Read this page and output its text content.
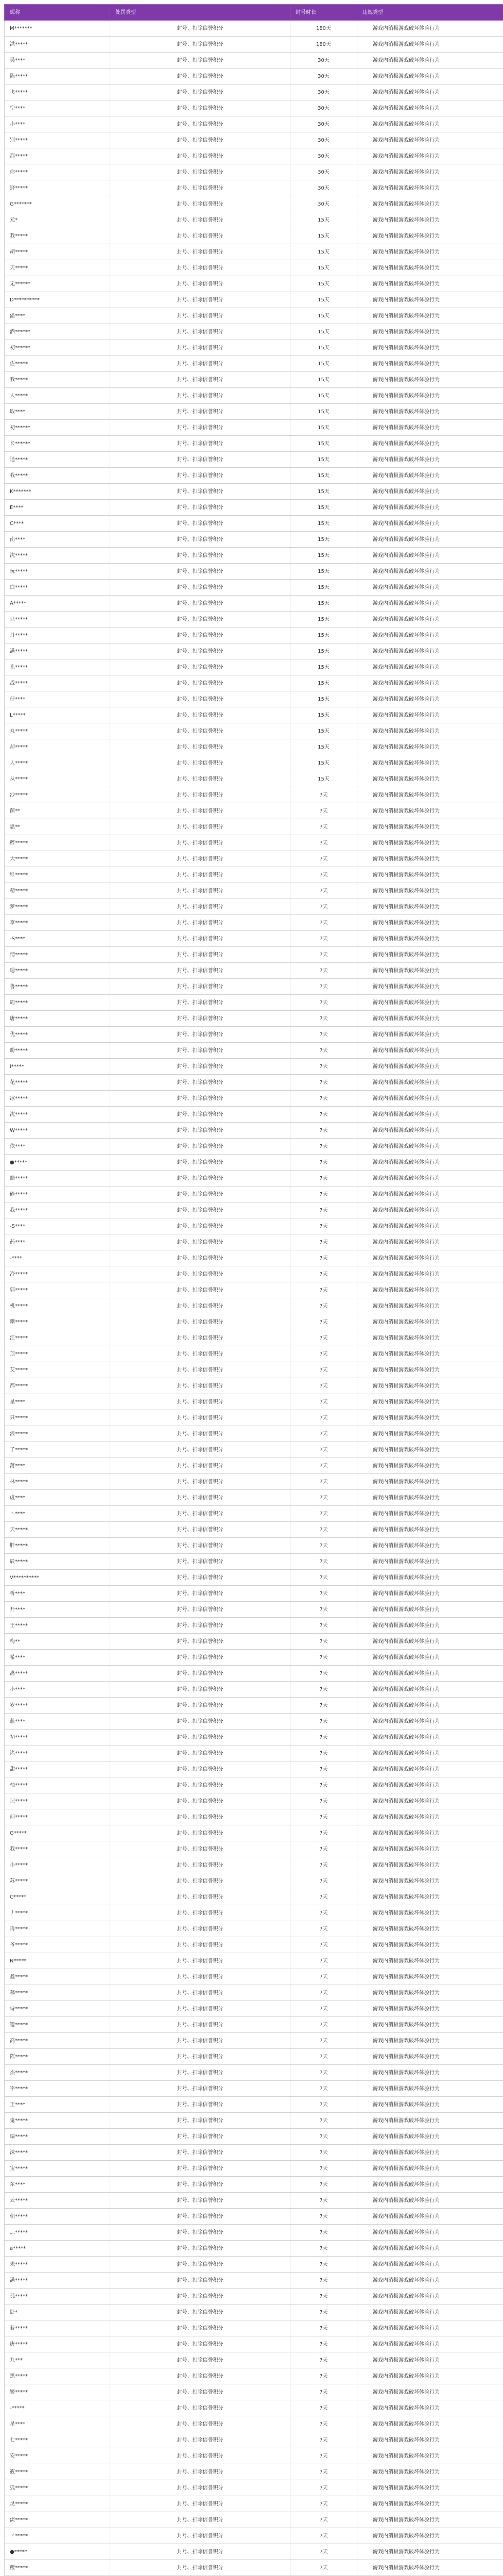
昵称	处罚类型	封号时长	违规类型
M*******	封号、扣除信誉积分	180天	游戏内消极游戏破坏体验行为
洪*****	封号、扣除信誉积分	180天	游戏内消极游戏破坏体验行为
吴****	封号、扣除信誉积分	30天	游戏内消极游戏破坏体验行为
陈*****	封号、扣除信誉积分	30天	游戏内消极游戏破坏体验行为
飞*****	封号、扣除信誉积分	30天	游戏内消极游戏破坏体验行为
空****	封号、扣除信誉积分	30天	游戏内消极游戏破坏体验行为
小****	封号、扣除信誉积分	30天	游戏内消极游戏破坏体验行为
别*****	封号、扣除信誉积分	30天	游戏内消极游戏破坏体验行为
都*****	封号、扣除信誉积分	30天	游戏内消极游戏破坏体验行为
你*****	封号、扣除信誉积分	30天	游戏内消极游戏破坏体验行为
野*****	封号、扣除信誉积分	30天	游戏内消极游戏破坏体验行为
G*******	封号、扣除信誉积分	30天	游戏内消极游戏破坏体验行为
元*	封号、扣除信誉积分	15天	游戏内消极游戏破坏体验行为
我*****	封号、扣除信誉积分	15天	游戏内消极游戏破坏体验行为
胡*****	封号、扣除信誉积分	15天	游戏内消极游戏破坏体验行为
天*****	封号、扣除信誉积分	15天	游戏内消极游戏破坏体验行为
无******	封号、扣除信誉积分	15天	游戏内消极游戏破坏体验行为
D**********	封号、扣除信誉积分	15天	游戏内消极游戏破坏体验行为
溢****	封号、扣除信誉积分	15天	游戏内消极游戏破坏体验行为
酒******	封号、扣除信誉积分	15天	游戏内消极游戏破坏体验行为
初******	封号、扣除信誉积分	15天	游戏内消极游戏破坏体验行为
佐*****	封号、扣除信誉积分	15天	游戏内消极游戏破坏体验行为
我*****	封号、扣除信誉积分	15天	游戏内消极游戏破坏体验行为
人*****	封号、扣除信誉积分	15天	游戏内消极游戏破坏体验行为
取****	封号、扣除信誉积分	15天	游戏内消极游戏破坏体验行为
初******	封号、扣除信誉积分	15天	游戏内消极游戏破坏体验行为
长******	封号、扣除信誉积分	15天	游戏内消极游戏破坏体验行为
逍*****	封号、扣除信誉积分	15天	游戏内消极游戏破坏体验行为
我*****	封号、扣除信誉积分	15天	游戏内消极游戏破坏体验行为
K*******	封号、扣除信誉积分	15天	游戏内消极游戏破坏体验行为
E****	封号、扣除信誉积分	15天	游戏内消极游戏破坏体验行为
C****	封号、扣除信誉积分	15天	游戏内消极游戏破坏体验行为
南****	封号、扣除信誉积分	15天	游戏内消极游戏破坏体验行为
沈*****	封号、扣除信誉积分	15天	游戏内消极游戏破坏体验行为
玩*****	封号、扣除信誉积分	15天	游戏内消极游戏破坏体验行为
白*****	封号、扣除信誉积分	15天	游戏内消极游戏破坏体验行为
A*****	封号、扣除信誉积分	15天	游戏内消极游戏破坏体验行为
只*****	封号、扣除信誉积分	15天	游戏内消极游戏破坏体验行为
月*****	封号、扣除信誉积分	15天	游戏内消极游戏破坏体验行为
满*****	封号、扣除信誉积分	15天	游戏内消极游戏破坏体验行为
孔*****	封号、扣除信誉积分	15天	游戏内消极游戏破坏体验行为
战*****	封号、扣除信誉积分	15天	游戏内消极游戏破坏体验行为
仔****	封号、扣除信誉积分	15天	游戏内消极游戏破坏体验行为
L*****	封号、扣除信誉积分	15天	游戏内消极游戏破坏体验行为
丸*****	封号、扣除信誉积分	15天	游戏内消极游戏破坏体验行为
却*****	封号、扣除信誉积分	15天	游戏内消极游戏破坏体验行为
人*****	封号、扣除信誉积分	15天	游戏内消极游戏破坏体验行为
从*****	封号、扣除信誉积分	15天	游戏内消极游戏破坏体验行为
沙*****	封号、扣除信誉积分	7天	游戏内消极游戏破坏体验行为
菌**	封号、扣除信誉积分	7天	游戏内消极游戏破坏体验行为
思**	封号、扣除信誉积分	7天	游戏内消极游戏破坏体验行为
醉*****	封号、扣除信誉积分	7天	游戏内消极游戏破坏体验行为
大*****	封号、扣除信誉积分	7天	游戏内消极游戏破坏体验行为
维*****	封号、扣除信誉积分	7天	游戏内消极游戏破坏体验行为
精*****	封号、扣除信誉积分	7天	游戏内消极游戏破坏体验行为
梦*****	封号、扣除信誉积分	7天	游戏内消极游戏破坏体验行为
李*****	封号、扣除信誉积分	7天	游戏内消极游戏破坏体验行为
-S****	封号、扣除信誉积分	7天	游戏内消极游戏破坏体验行为
情*****	封号、扣除信誉积分	7天	游戏内消极游戏破坏体验行为
嗯*****	封号、扣除信誉积分	7天	游戏内消极游戏破坏体验行为
鲁*****	封号、扣除信誉积分	7天	游戏内消极游戏破坏体验行为
周*****	封号、扣除信誉积分	7天	游戏内消极游戏破坏体验行为
唐*****	封号、扣除信誉积分	7天	游戏内消极游戏破坏体验行为
优*****	封号、扣除信誉积分	7天	游戏内消极游戏破坏体验行为
盼*****	封号、扣除信誉积分	7天	游戏内消极游戏破坏体验行为
i*****	封号、扣除信誉积分	7天	游戏内消极游戏破坏体验行为
花*****	封号、扣除信誉积分	7天	游戏内消极游戏破坏体验行为
冰*****	封号、扣除信誉积分	7天	游戏内消极游戏破坏体验行为
沈*****	封号、扣除信誉积分	7天	游戏内消极游戏破坏体验行为
W*****	封号、扣除信誉积分	7天	游戏内消极游戏破坏体验行为
依****	封号、扣除信誉积分	7天	游戏内消极游戏破坏体验行为
●*****	封号、扣除信誉积分	7天	游戏内消极游戏破坏体验行为
皓*****	封号、扣除信誉积分	7天	游戏内消极游戏破坏体验行为
碎*****	封号、扣除信誉积分	7天	游戏内消极游戏破坏体验行为
我*****	封号、扣除信誉积分	7天	游戏内消极游戏破坏体验行为
-S****	封号、扣除信誉积分	7天	游戏内消极游戏破坏体验行为
药****	封号、扣除信誉积分	7天	游戏内消极游戏破坏体验行为
-****	封号、扣除信誉积分	7天	游戏内消极游戏破坏体验行为
冷*****	封号、扣除信誉积分	7天	游戏内消极游戏破坏体验行为
郭*****	封号、扣除信誉积分	7天	游戏内消极游戏破坏体验行为
机*****	封号、扣除信誉积分	7天	游戏内消极游戏破坏体验行为
曙*****	封号、扣除信誉积分	7天	游戏内消极游戏破坏体验行为
江*****	封号、扣除信誉积分	7天	游戏内消极游戏破坏体验行为
顶*****	封号、扣除信誉积分	7天	游戏内消极游戏破坏体验行为
艾*****	封号、扣除信誉积分	7天	游戏内消极游戏破坏体验行为
都*****	封号、扣除信誉积分	7天	游戏内消极游戏破坏体验行为
星****	封号、扣除信誉积分	7天	游戏内消极游戏破坏体验行为
只*****	封号、扣除信誉积分	7天	游戏内消极游戏破坏体验行为
浪*****	封号、扣除信誉积分	7天	游戏内消极游戏破坏体验行为
了*****	封号、扣除信誉积分	7天	游戏内消极游戏破坏体验行为
落****	封号、扣除信誉积分	7天	游戏内消极游戏破坏体验行为
林*****	封号、扣除信誉积分	7天	游戏内消极游戏破坏体验行为
虚****	封号、扣除信誉积分	7天	游戏内消极游戏破坏体验行为
丶****	封号、扣除信誉积分	7天	游戏内消极游戏破坏体验行为
天*****	封号、扣除信誉积分	7天	游戏内消极游戏破坏体验行为
胖*****	封号、扣除信誉积分	7天	游戏内消极游戏破坏体验行为
辰*****	封号、扣除信誉积分	7天	游戏内消极游戏破坏体验行为
V**********	封号、扣除信誉积分	7天	游戏内消极游戏破坏体验行为
析****	封号、扣除信誉积分	7天	游戏内消极游戏破坏体验行为
开****	封号、扣除信誉积分	7天	游戏内消极游戏破坏体验行为
王*****	封号、扣除信誉积分	7天	游戏内消极游戏破坏体验行为
梅**	封号、扣除信誉积分	7天	游戏内消极游戏破坏体验行为
希****	封号、扣除信誉积分	7天	游戏内消极游戏破坏体验行为
离*****	封号、扣除信誉积分	7天	游戏内消极游戏破坏体验行为
小****	封号、扣除信誉积分	7天	游戏内消极游戏破坏体验行为
岁*****	封号、扣除信誉积分	7天	游戏内消极游戏破坏体验行为
蓝****	封号、扣除信誉积分	7天	游戏内消极游戏破坏体验行为
初*****	封号、扣除信誉积分	7天	游戏内消极游戏破坏体验行为
诸*****	封号、扣除信誉积分	7天	游戏内消极游戏破坏体验行为
甜*****	封号、扣除信誉积分	7天	游戏内消极游戏破坏体验行为
柚*****	封号、扣除信誉积分	7天	游戏内消极游戏破坏体验行为
记*****	封号、扣除信誉积分	7天	游戏内消极游戏破坏体验行为
何*****	封号、扣除信誉积分	7天	游戏内消极游戏破坏体验行为
G*****	封号、扣除信誉积分	7天	游戏内消极游戏破坏体验行为
我*****	封号、扣除信誉积分	7天	游戏内消极游戏破坏体验行为
小*****	封号、扣除信誉积分	7天	游戏内消极游戏破坏体验行为
苏*****	封号、扣除信誉积分	7天	游戏内消极游戏破坏体验行为
C*****	封号、扣除信誉积分	7天	游戏内消极游戏破坏体验行为
丿*****	封号、扣除信誉积分	7天	游戏内消极游戏破坏体验行为
再*****	封号、扣除信誉积分	7天	游戏内消极游戏破坏体验行为
爷*****	封号、扣除信誉积分	7天	游戏内消极游戏破坏体验行为
N*****	封号、扣除信誉积分	7天	游戏内消极游戏破坏体验行为
鑫*****	封号、扣除信誉积分	7天	游戏内消极游戏破坏体验行为
慕*****	封号、扣除信誉积分	7天	游戏内消极游戏破坏体验行为
诗*****	封号、扣除信誉积分	7天	游戏内消极游戏破坏体验行为
遗*****	封号、扣除信誉积分	7天	游戏内消极游戏破坏体验行为
高*****	封号、扣除信誉积分	7天	游戏内消极游戏破坏体验行为
陈*****	封号、扣除信誉积分	7天	游戏内消极游戏破坏体验行为
杰*****	封号、扣除信誉积分	7天	游戏内消极游戏破坏体验行为
宇*****	封号、扣除信誉积分	7天	游戏内消极游戏破坏体验行为
王****	封号、扣除信誉积分	7天	游戏内消极游戏破坏体验行为
鬼*****	封号、扣除信誉积分	7天	游戏内消极游戏破坏体验行为
瑞*****	封号、扣除信誉积分	7天	游戏内消极游戏破坏体验行为
沫*****	封号、扣除信誉积分	7天	游戏内消极游戏破坏体验行为
宝*****	封号、扣除信誉积分	7天	游戏内消极游戏破坏体验行为
东****	封号、扣除信誉积分	7天	游戏内消极游戏破坏体验行为
云*****	封号、扣除信誉积分	7天	游戏内消极游戏破坏体验行为
朝*****	封号、扣除信誉积分	7天	游戏内消极游戏破坏体验行为
灬*****	封号、扣除信誉积分	7天	游戏内消极游戏破坏体验行为
a*****	封号、扣除信誉积分	7天	游戏内消极游戏破坏体验行为
未*****	封号、扣除信誉积分	7天	游戏内消极游戏破坏体验行为
满*****	封号、扣除信誉积分	7天	游戏内消极游戏破坏体验行为
孤*****	封号、扣除信誉积分	7天	游戏内消极游戏破坏体验行为
卧*	封号、扣除信誉积分	7天	游戏内消极游戏破坏体验行为
若*****	封号、扣除信誉积分	7天	游戏内消极游戏破坏体验行为
唐*****	封号、扣除信誉积分	7天	游戏内消极游戏破坏体验行为
九***	封号、扣除信誉积分	7天	游戏内消极游戏破坏体验行为
黑*****	封号、扣除信誉积分	7天	游戏内消极游戏破坏体验行为
繁*****	封号、扣除信誉积分	7天	游戏内消极游戏破坏体验行为
-*****	封号、扣除信誉积分	7天	游戏内消极游戏破坏体验行为
星****	封号、扣除信誉积分	7天	游戏内消极游戏破坏体验行为
七*****	封号、扣除信誉积分	7天	游戏内消极游戏破坏体验行为
安*****	封号、扣除信誉积分	7天	游戏内消极游戏破坏体验行为
筱*****	封号、扣除信誉积分	7天	游戏内消极游戏破坏体验行为
狐*****	封号、扣除信誉积分	7天	游戏内消极游戏破坏体验行为
灵*****	封号、扣除信誉积分	7天	游戏内消极游戏破坏体验行为
淡*****	封号、扣除信誉积分	7天	游戏内消极游戏破坏体验行为
ゞ*****	封号、扣除信誉积分	7天	游戏内消极游戏破坏体验行为
●*****	封号、扣除信誉积分	7天	游戏内消极游戏破坏体验行为
樱*****	封号、扣除信誉积分	7天	游戏内消极游戏破坏体验行为
